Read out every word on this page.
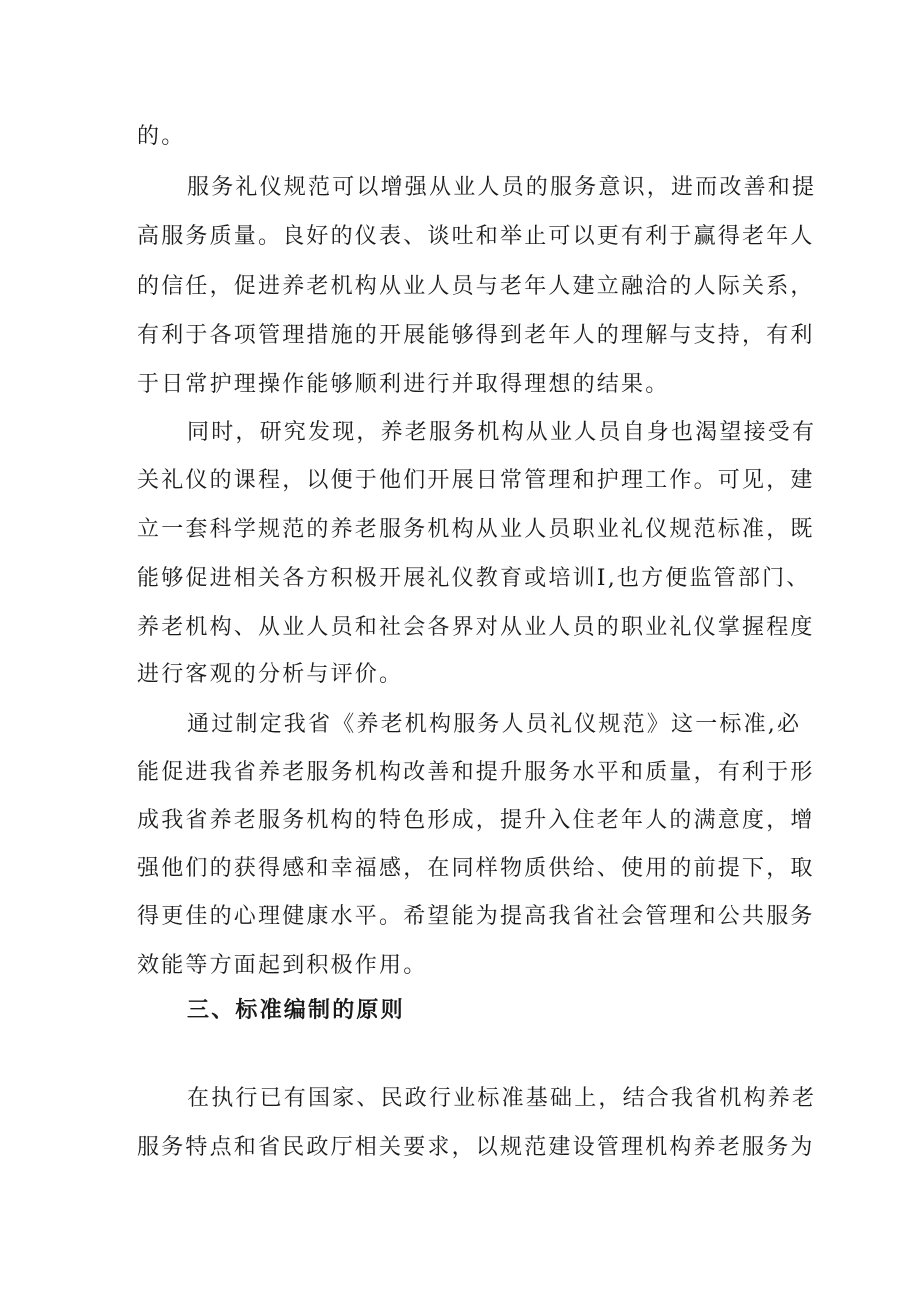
的。

服务礼仪规范可以增强从业人员的服务意识，进而改善和提

高服务质量。良好的仪表、谈吐和举止可以更有利于赢得老年人

的信任，促进养老机构从业人员与老年人建立融洽的人际关系，

有利于各项管理措施的开展能够得到老年人的理解与支持，有利

于日常护理操作能够顺利进行并取得理想的结果。

同时，研究发现，养老服务机构从业人员自身也渴望接受有

关礼仪的课程，以便于他们开展日常管理和护理工作。可见，建

立一套科学规范的养老服务机构从业人员职业礼仪规范标准，既

能够促进相关各方积极开展礼仪教育或培训I,也方便监管部门、

养老机构、从业人员和社会各界对从业人员的职业礼仪掌握程度

进行客观的分析与评价。

通过制定我省《养老机构服务人员礼仪规范》这一标准,必

能促进我省养老服务机构改善和提升服务水平和质量，有利于形

成我省养老服务机构的特色形成，提升入住老年人的满意度，增

强他们的获得感和幸福感，在同样物质供给、使用的前提下，取

得更佳的心理健康水平。希望能为提高我省社会管理和公共服务

效能等方面起到积极作用。

三、标准编制的原则

在执行已有国家、民政行业标准基础上，结合我省机构养老

服务特点和省民政厅相关要求，以规范建设管理机构养老服务为
